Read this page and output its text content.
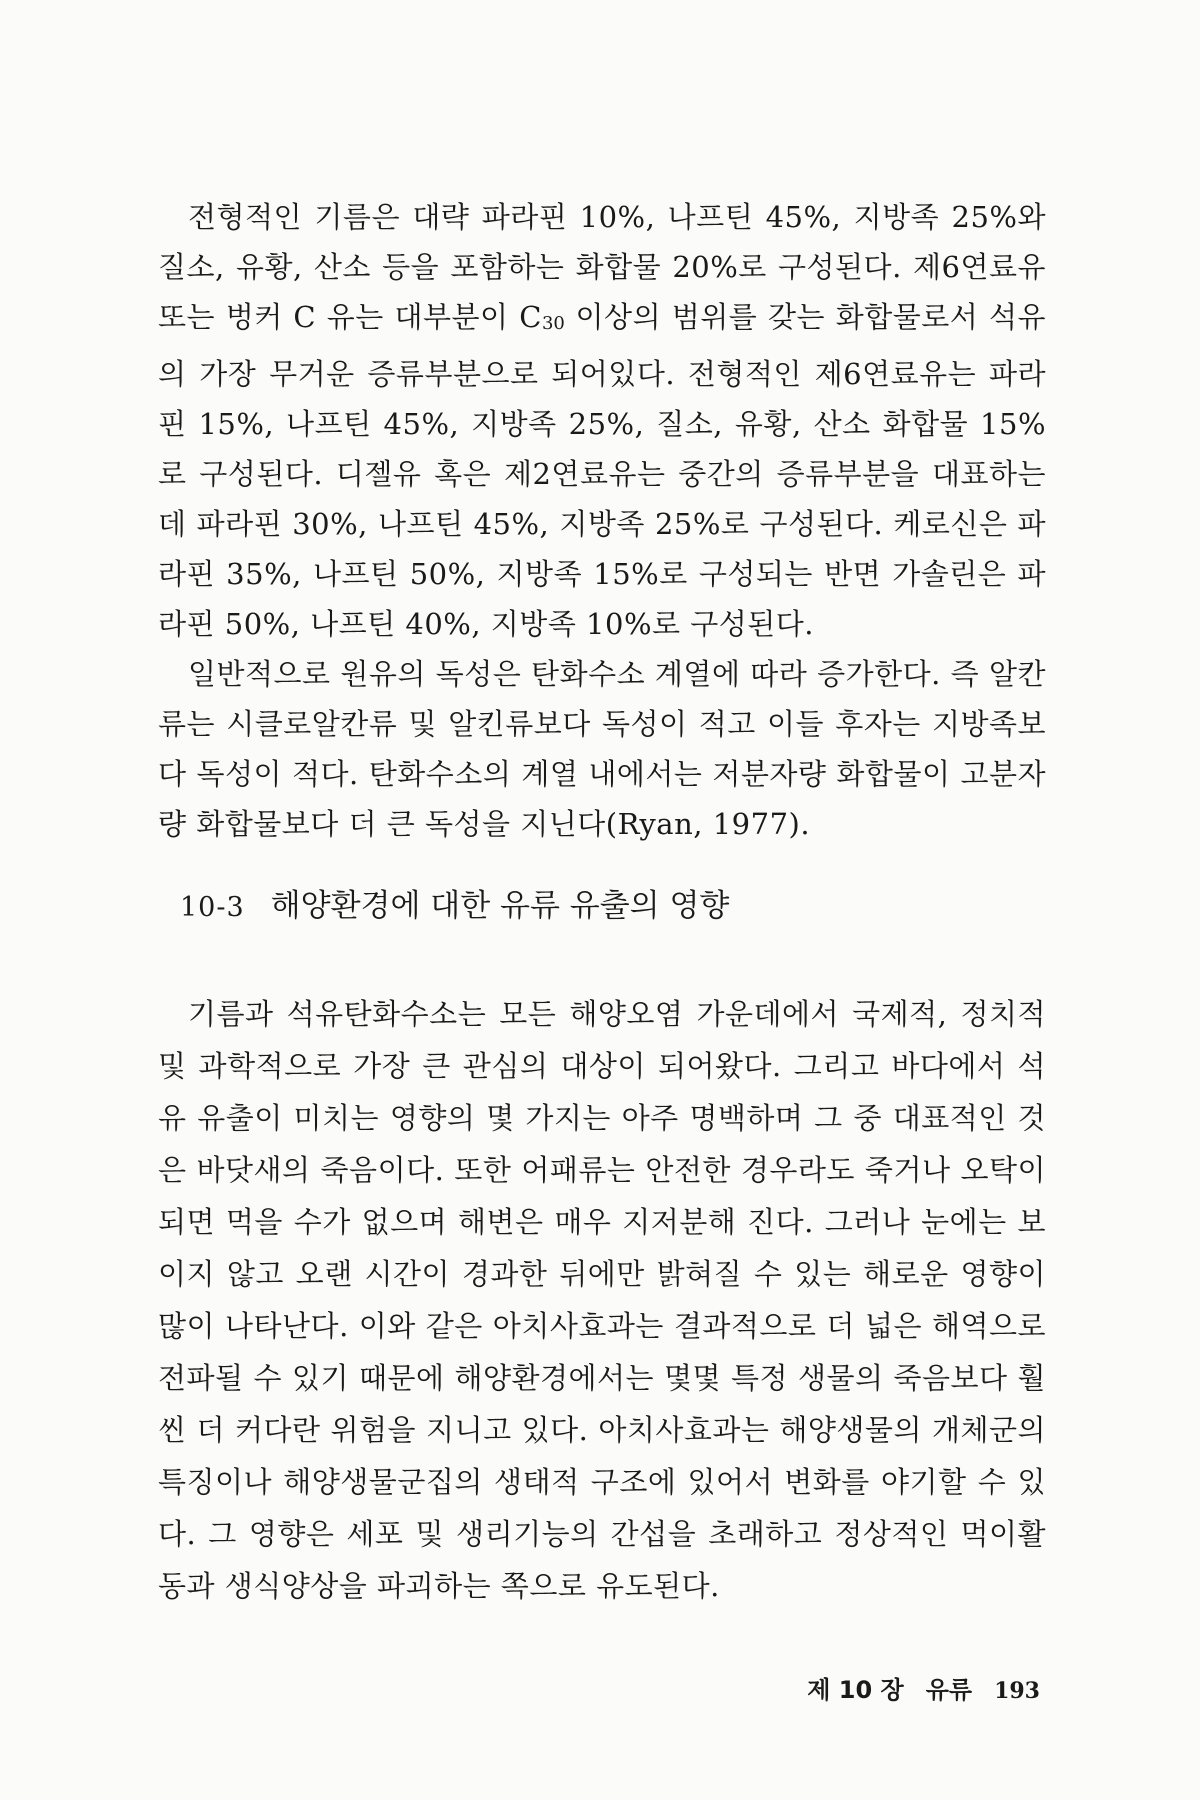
전형적인 기름은 대략 파라핀 10%, 나프틴 45%, 지방족 25%와 질소, 유황, 산소 등을 포함하는 화합물 20%로 구성된다. 제6연료유 또는 벙커 C 유는 대부분이 $C_{30}$ 이상의 범위를 갖는 화합물로서 석유의 가장 무거운 증류부분으로 되어있다. 전형적인 제6연료유는 파라핀 15%, 나프틴 45%, 지방족 25%, 질소, 유황, 산소 화합물 15%로 구성된다. 디젤유 혹은 제2연료유는 중간의 증류부분을 대표하는데 파라핀 30%, 나프틴 45%, 지방족 25%로 구성된다. 케로신은 파라핀 35%, 나프틴 50%, 지방족 15%로 구성되는 반면 가솔린은 파라핀 50%, 나프틴 40%, 지방족 10%로 구성된다.

일반적으로 원유의 독성은 탄화수소 계열에 따라 증가한다. 즉 알칸류는 시클로알칸류 및 알킨류보다 독성이 적고 이들 후자는 지방족보다 독성이 적다. 탄화수소의 계열 내에서는 저분자량 화합물이 고분자량 화합물보다 더 큰 독성을 지닌다(Ryan, 1977).

10-3 해양환경에 대한 유류 유출의 영향

기름과 석유탄화수소는 모든 해양오염 가운데에서 국제적, 정치적 및 과학적으로 가장 큰 관심의 대상이 되어왔다. 그리고 바다에서 석유 유출이 미치는 영향의 몇 가지는 아주 명백하며 그 중 대표적인 것은 바닷새의 죽음이다. 또한 어패류는 안전한 경우라도 죽거나 오탁이 되면 먹을 수가 없으며 해변은 매우 지저분해 진다. 그러나 눈에는 보이지 않고 오랜 시간이 경과한 뒤에만 밝혀질 수 있는 해로운 영향이 많이 나타난다. 이와 같은 아치사효과는 결과적으로 더 넓은 해역으로 전파될 수 있기 때문에 해양환경에서는 몇몇 특정 생물의 죽음보다 훨씬 더 커다란 위험을 지니고 있다. 아치사효과는 해양생물의 개체군의 특징이나 해양생물군집의 생태적 구조에 있어서 변화를 야기할 수 있다. 그 영향은 세포 및 생리기능의 간섭을 초래하고 정상적인 먹이활동과 생식양상을 파괴하는 쪽으로 유도된다.

제 10 장 유류 193
